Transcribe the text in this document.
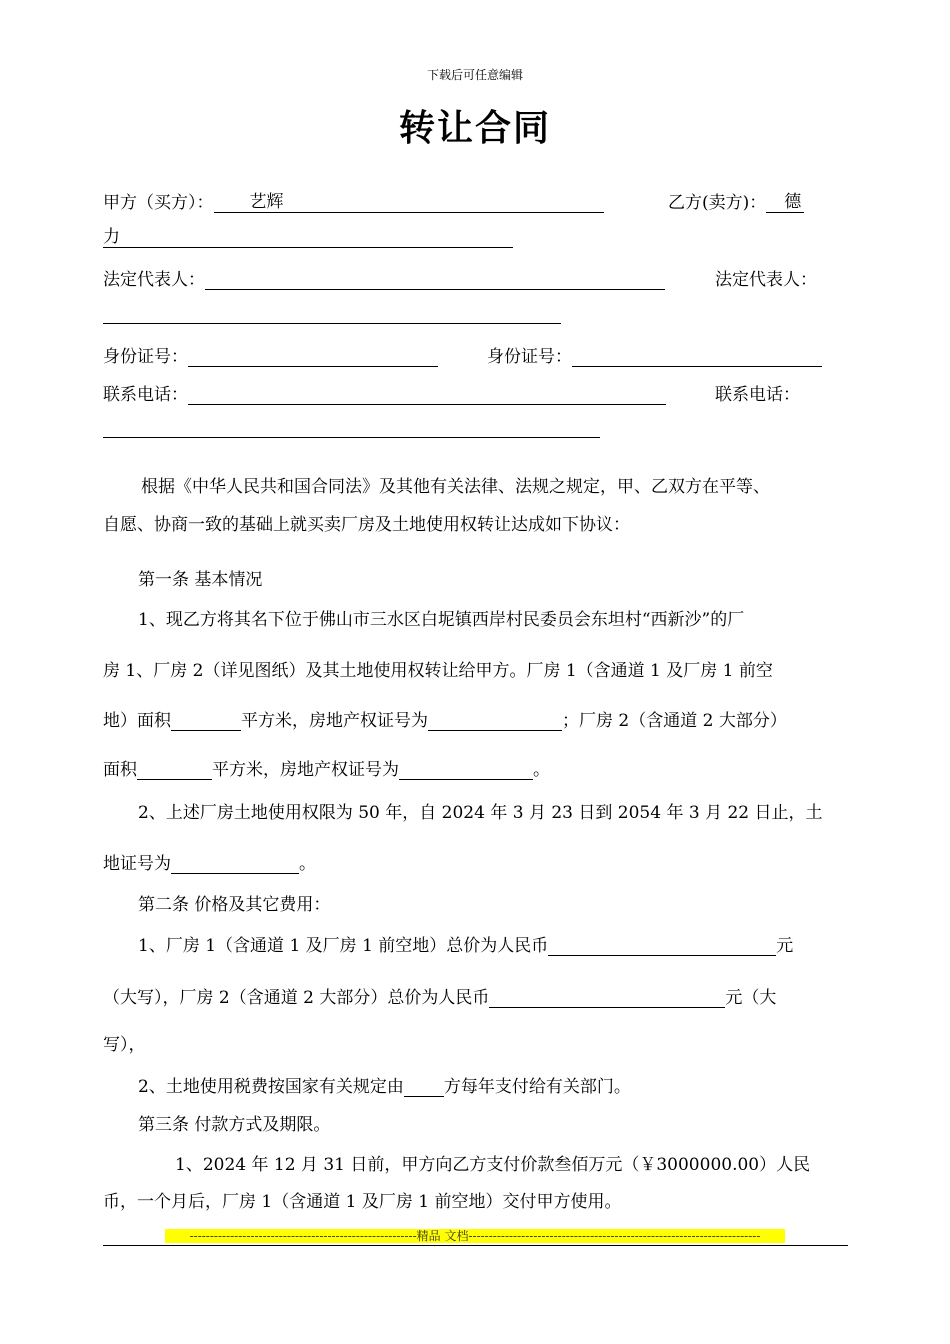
下载后可任意编辑
转让合同
甲方（买方）： 艺辉	乙方(卖方)： 德
力
法定代表人：	法定代表人：
身份证号：	身份证号：
联系电话：	联系电话：
根据《中华人民共和国合同法》及其他有关法律、法规之规定，甲、乙双方在平等、
自愿、协商一致的基础上就买卖厂房及土地使用权转让达成如下协议：
第一条 基本情况
1、现乙方将其名下位于佛山市三水区白坭镇西岸村民委员会东坦村“西新沙”的厂
房 1、厂房 2（详见图纸）及其土地使用权转让给甲方。厂房 1（含通道 1 及厂房 1 前空
地）面积	平方米，房地产权证号为	；厂房 2（含通道 2 大部分）
面积	平方米，房地产权证号为	。
2、上述厂房土地使用权限为 50 年，自 2024 年 3 月 23 日到 2054 年 3 月 22 日止，土
地证号为	。
第二条 价格及其它费用：
1、厂房 1（含通道 1 及厂房 1 前空地）总价为人民币	元
（大写），厂房 2（含通道 2 大部分）总价为人民币	元（大
写），
2、土地使用税费按国家有关规定由 方每年支付给有关部门。
第三条 付款方式及期限。
1、2024 年 12 月 31 日前，甲方向乙方支付价款叁佰万元（￥3000000.00）人民
币，一个月后，厂房 1（含通道 1 及厂房 1 前空地）交付甲方使用。
--------------------------------------------------------精品 文档------------------------------------------------------------------------
